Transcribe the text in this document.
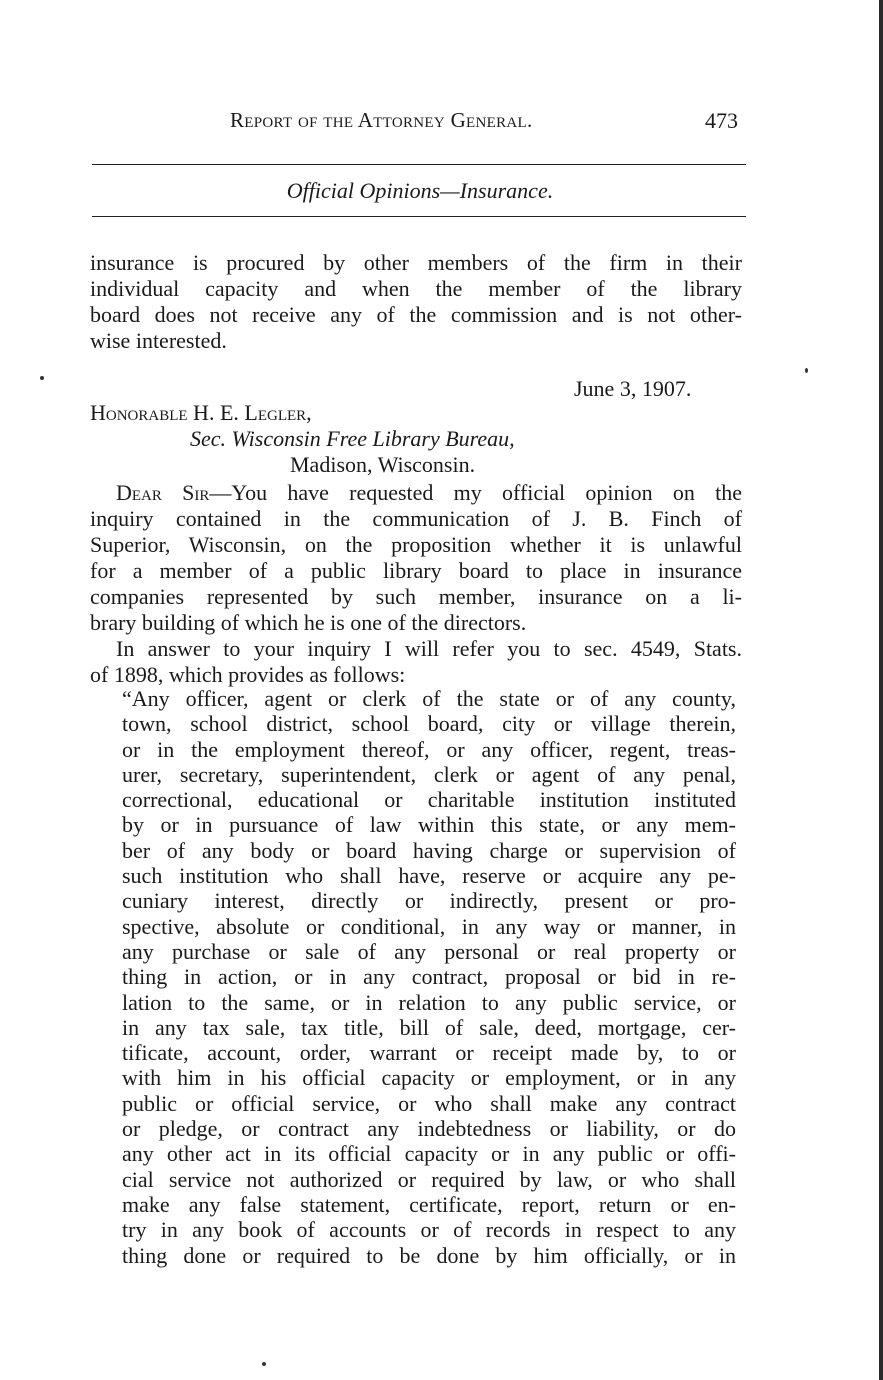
Report of the Attorney General.	473
Official Opinions—Insurance.
insurance is procured by other members of the firm in their
individual capacity and when the member of the library
board does not receive any of the commission and is not other-
wise interested.
June 3, 1907.
Honorable H. E. Legler,
Sec. Wisconsin Free Library Bureau,
Madison, Wisconsin.
Dear Sir—You have requested my official opinion on the
inquiry contained in the communication of J. B. Finch of
Superior, Wisconsin, on the proposition whether it is unlawful
for a member of a public library board to place in insurance
companies represented by such member, insurance on a li-
brary building of which he is one of the directors.
In answer to your inquiry I will refer you to sec. 4549, Stats.
of 1898, which provides as follows:
“Any officer, agent or clerk of the state or of any county,
town, school district, school board, city or village therein,
or in the employment thereof, or any officer, regent, treas-
urer, secretary, superintendent, clerk or agent of any penal,
correctional, educational or charitable institution instituted
by or in pursuance of law within this state, or any mem-
ber of any body or board having charge or supervision of
such institution who shall have, reserve or acquire any pe-
cuniary interest, directly or indirectly, present or pro-
spective, absolute or conditional, in any way or manner, in
any purchase or sale of any personal or real property or
thing in action, or in any contract, proposal or bid in re-
lation to the same, or in relation to any public service, or
in any tax sale, tax title, bill of sale, deed, mortgage, cer-
tificate, account, order, warrant or receipt made by, to or
with him in his official capacity or employment, or in any
public or official service, or who shall make any contract
or pledge, or contract any indebtedness or liability, or do
any other act in its official capacity or in any public or offi-
cial service not authorized or required by law, or who shall
make any false statement, certificate, report, return or en-
try in any book of accounts or of records in respect to any
thing done or required to be done by him officially, or in
